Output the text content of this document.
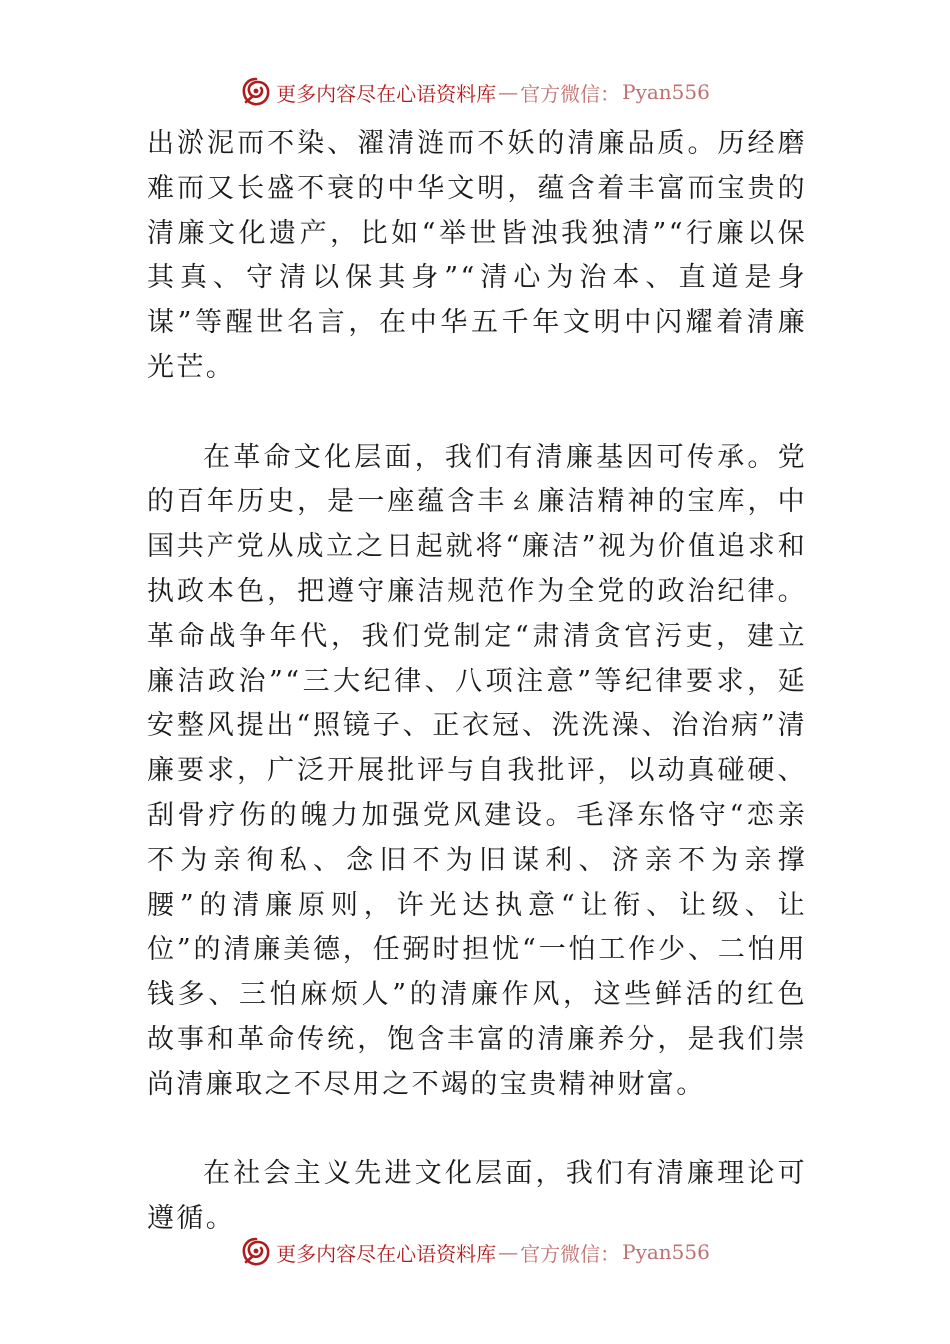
更多内容尽在心语资料库 — 官方微信： Pyan556

出淤泥而不染、濯清涟而不妖的清廉品质。历经磨难而又长盛不衰的中华文明，蕴含着丰富而宝贵的清廉文化遗产，比如“举世皆浊我独清”“行廉以保其真、守清以保其身”“清心为治本、直道是身谋”等醒世名言，在中华五千年文明中闪耀着清廉光芒。

在革命文化层面，我们有清廉基因可传承。党的百年历史，是一座蕴含丰ㄠ廉洁精神的宝库，中国共产党从成立之日起就将“廉洁”视为价值追求和执政本色，把遵守廉洁规范作为全党的政治纪律。革命战争年代，我们党制定“肃清贪官污吏，建立廉洁政治”“三大纪律、八项注意”等纪律要求，延安整风提出“照镜子、正衣冠、洗洗澡、治治病”清廉要求，广泛开展批评与自我批评，以动真碰硬、刮骨疗伤的魄力加强党风建设。毛泽东恪守“恋亲不为亲徇私、念旧不为旧谋利、济亲不为亲撑腰”的清廉原则，许光达执意“让衔、让级、让位”的清廉美德，任弼时担忧“一怕工作少、二怕用钱多、三怕麻烦人”的清廉作风，这些鲜活的红色故事和革命传统，饱含丰富的清廉养分，是我们崇尚清廉取之不尽用之不竭的宝贵精神财富。

在社会主义先进文化层面，我们有清廉理论可遵循。

更多内容尽在心语资料库 — 官方微信： Pyan556
